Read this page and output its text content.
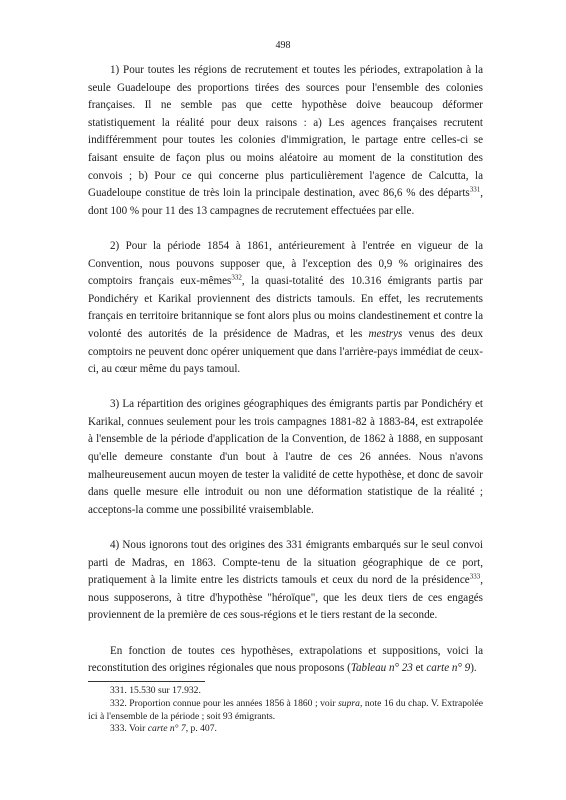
498

1) Pour toutes les régions de recrutement et toutes les périodes, extrapolation à la seule Guadeloupe des proportions tirées des sources pour l'ensemble des colonies françaises. Il ne semble pas que cette hypothèse doive beaucoup déformer statistiquement la réalité pour deux raisons : a) Les agences françaises recrutent indifféremment pour toutes les colonies d'immigration, le partage entre celles-ci se faisant ensuite de façon plus ou moins aléatoire au moment de la constitution des convois ; b) Pour ce qui concerne plus particulièrement l'agence de Calcutta, la Guadeloupe constitue de très loin la principale destination, avec 86,6 % des départs$^{331}$, dont 100 % pour 11 des 13 campagnes de recrutement effectuées par elle.

2) Pour la période 1854 à 1861, antérieurement à l'entrée en vigueur de la Convention, nous pouvons supposer que, à l'exception des 0,9 % originaires des comptoirs français eux-mêmes$^{332}$, la quasi-totalité des 10.316 émigrants partis par Pondichéry et Karikal proviennent des districts tamouls. En effet, les recrutements français en territoire britannique se font alors plus ou moins clandestinement et contre la volonté des autorités de la présidence de Madras, et les mestrys venus des deux comptoirs ne peuvent donc opérer uniquement que dans l'arrière-pays immédiat de ceux-ci, au cœur même du pays tamoul.

3) La répartition des origines géographiques des émigrants partis par Pondichéry et Karikal, connues seulement pour les trois campagnes 1881-82 à 1883-84, est extrapolée à l'ensemble de la période d'application de la Convention, de 1862 à 1888, en supposant qu'elle demeure constante d'un bout à l'autre de ces 26 années. Nous n'avons malheureusement aucun moyen de tester la validité de cette hypothèse, et donc de savoir dans quelle mesure elle introduit ou non une déformation statistique de la réalité ; acceptons-la comme une possibilité vraisemblable.

4) Nous ignorons tout des origines des 331 émigrants embarqués sur le seul convoi parti de Madras, en 1863. Compte-tenu de la situation géographique de ce port, pratiquement à la limite entre les districts tamouls et ceux du nord de la présidence$^{333}$, nous supposerons, à titre d'hypothèse "héroïque", que les deux tiers de ces engagés proviennent de la première de ces sous-régions et le tiers restant de la seconde.

En fonction de toutes ces hypothèses, extrapolations et suppositions, voici la reconstitution des origines régionales que nous proposons (Tableau n° 23 et carte n° 9).

331. 15.530 sur 17.932.

332. Proportion connue pour les années 1856 à 1860 ; voir supra, note 16 du chap. V. Extrapolée ici à l'ensemble de la période ; soit 93 émigrants.

333. Voir carte n° 7, p. 407.
